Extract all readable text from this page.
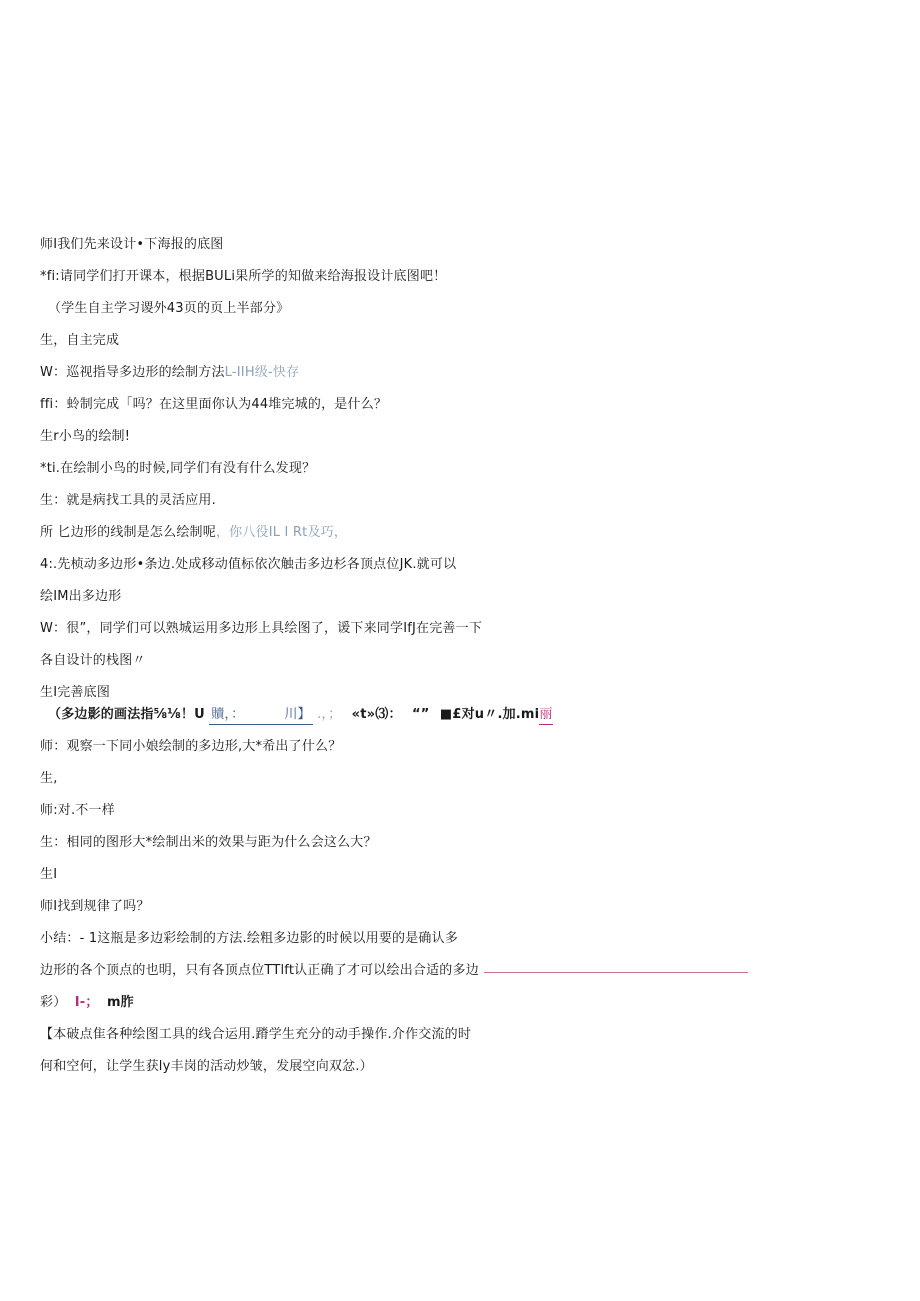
师I我们先来设计•下海报的底图
*fi:请同学们打开课本，根据BULi果所学的知做来给海报设计底图吧！
（学生自主学习谡外43页的页上半部分》
生，自主完成
W：巡视指导多边形的绘制方法L-IIH级-快存
ffi：蛉制完成「吗？在这里面你认为44堆完城的，是什么？
生r小鸟的绘制!
*ti.在绘制小鸟的时候,同学们有没有什么发现？
生：就是病找工具的灵活应用.
所 匕边形的线制是怎么绘制呢，你八役IL I Rt及巧，
4:.先桢动多边形•条边.处成移动值标依次触击多边杉各顶点位JK.就可以
绘IM出多边形
W：很”，同学们可以熟城运用多边形上具绘图了，谖下来同学IfJ在完善一下
各自设计的栈图〃
生I完善底图
（多边影的画法指⅝⅛！U 贖，：	川】 .，； «t»⑶： “” ■£对u〃.加.mi丽
师：观察一下同小娘绘制的多边形,大*希出了什么？
生,
师:对.不一样
生：相同的图形大*绘制出米的效果与距为什么会这么大？
生I
师I找到规律了吗？
小结：- 1这瓶是多边彩绘制的方法.绘粗多边影的时候以用要的是确认多
边形的各个顶点的也明，只有各顶点位TTlft认正确了才可以绘出合适的多边
彩） I-； m胙
【本破点隹各种绘图工具的线合运用.蹐学生充分的动手操作.介作交流的时
何和空何，让学生获ly丰岗的活动炒皱，发展空向双忿.）
